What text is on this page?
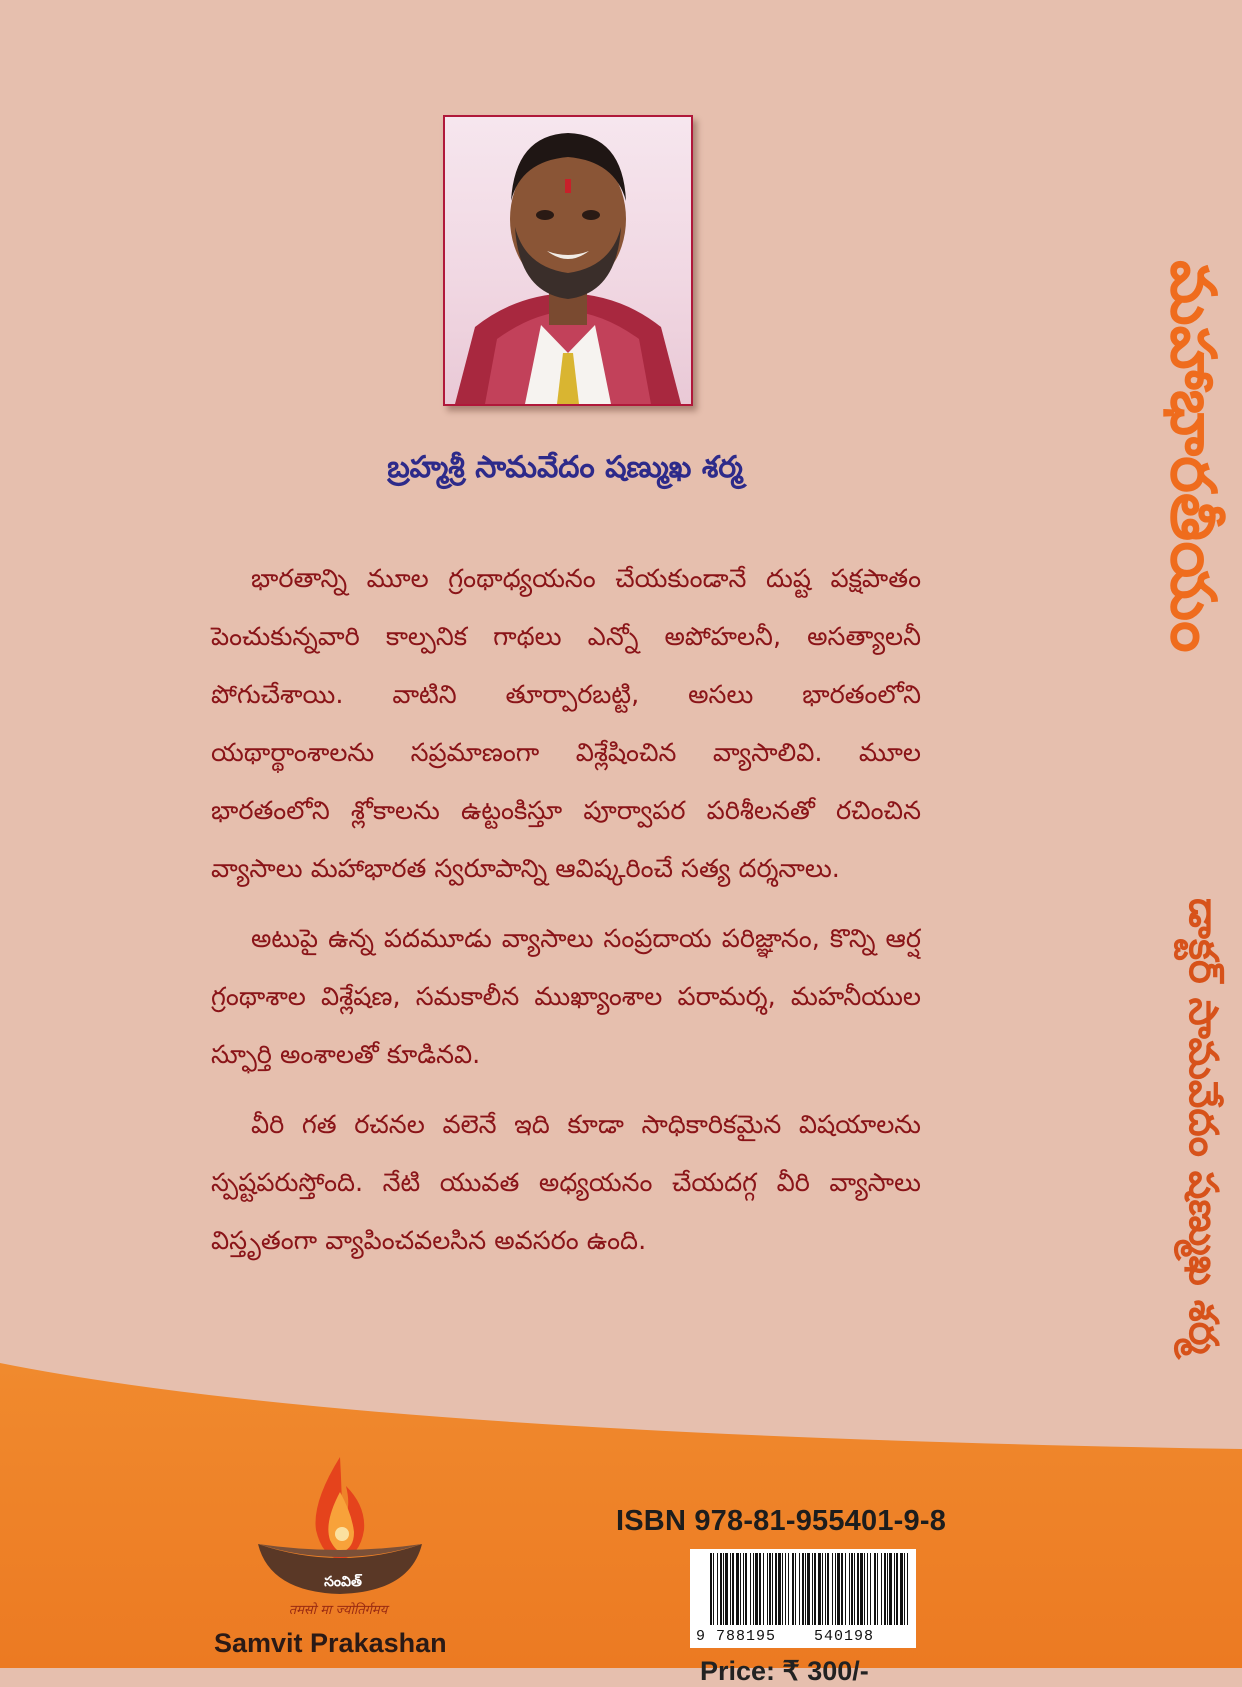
బ్రహ్మశ్రీ సామవేదం షణ్ముఖ శర్మ

భారతాన్ని మూల గ్రంథాధ్యయనం చేయకుండానే దుష్ట పక్షపాతం పెంచుకున్నవారి కాల్పనిక గాథలు ఎన్నో అపోహలనీ, అసత్యాలనీ పోగుచేశాయి. వాటిని తూర్పారబట్టి, అసలు భారతంలోని యథార్థాంశాలను సప్రమాణంగా విశ్లేషించిన వ్యాసాలివి. మూల భారతంలోని శ్లోకాలను ఉట్టంకిస్తూ పూర్వాపర పరిశీలనతో రచించిన వ్యాసాలు మహాభారత స్వరూపాన్ని ఆవిష్కరించే సత్య దర్శనాలు.

అటుపై ఉన్న పదమూడు వ్యాసాలు సంప్రదాయ పరిజ్ఞానం, కొన్ని ఆర్ష గ్రంథాశాల విశ్లేషణ, సమకాలీన ముఖ్యాంశాల పరామర్శ, మహనీయుల స్ఫూర్తి అంశాలతో కూడినవి.

వీరి గత రచనల వలెనే ఇది కూడా సాధికారికమైన విషయాలను స్పష్టపరుస్తోంది. నేటి యువత అధ్యయనం చేయదగ్గ వీరి వ్యాసాలు విస్తృతంగా వ్యాపించవలసిన అవసరం ఉంది.

మహాభారతీయం
డాక్టర్ సామవేదం షణ్ముఖ శర్మ
సంవిత్
तमसो मा ज्योतिर्गमय
Samvit Prakashan
ISBN 978-81-955401-9-8
9 788195	540198
Price: ₹ 300/-
